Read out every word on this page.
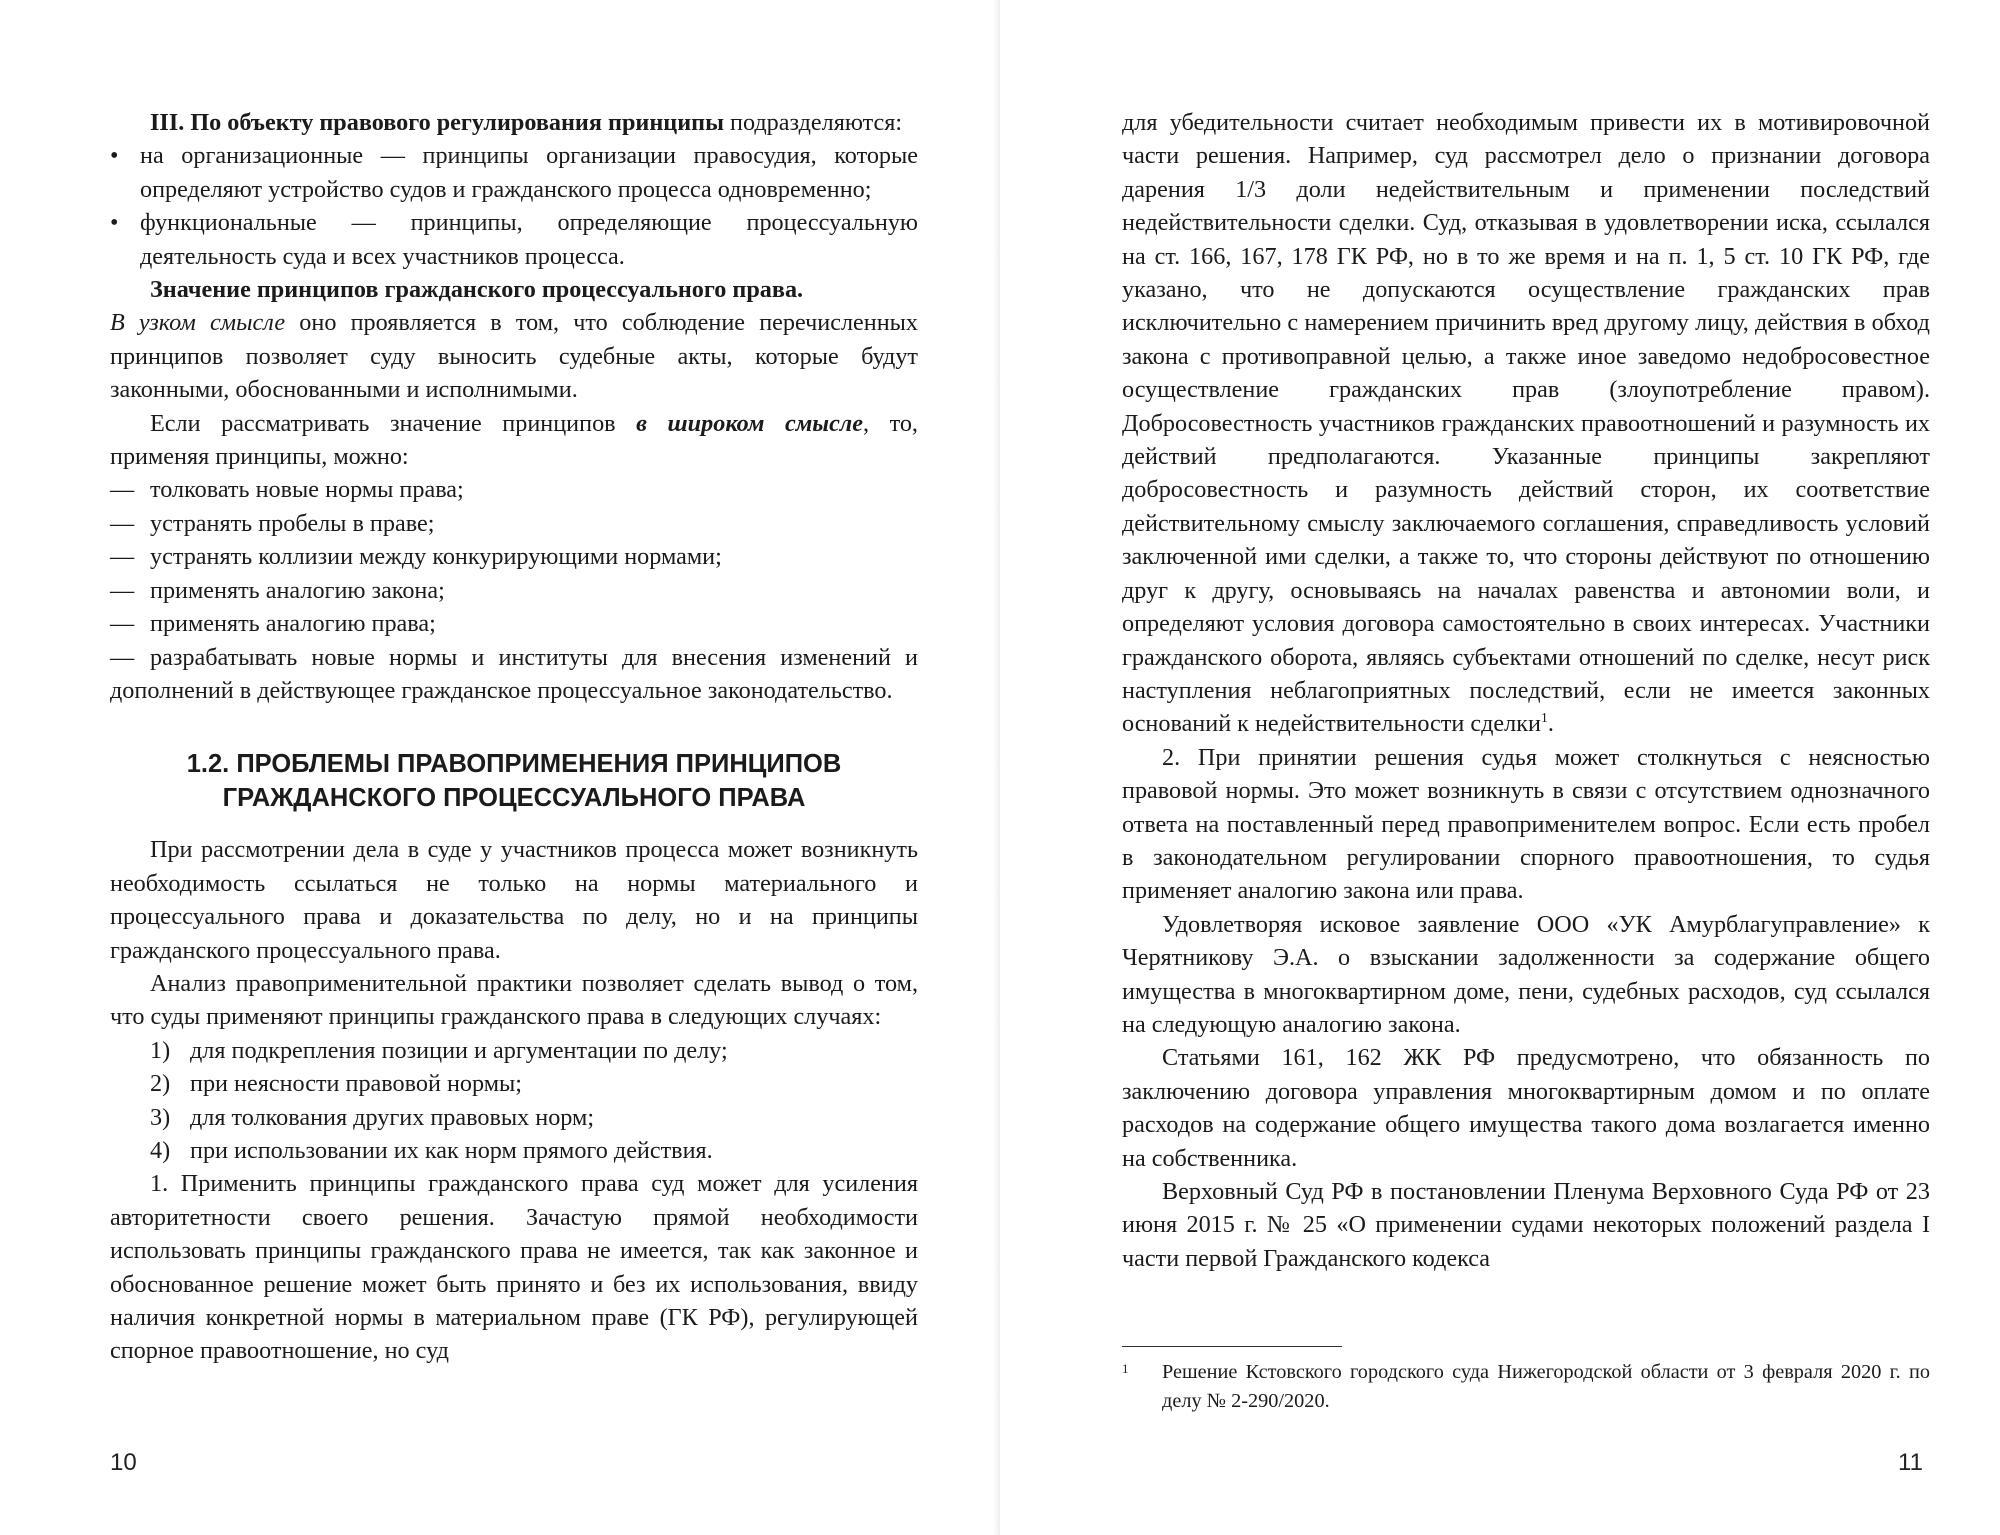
III. По объекту правового регулирования принципы подразделяются:

• на организационные — принципы организации правосудия, которые определяют устройство судов и гражданского процесса одновременно;

• функциональные — принципы, определяющие процессуальную деятельность суда и всех участников процесса.

Значение принципов гражданского процессуального права.

В узком смысле оно проявляется в том, что соблюдение перечисленных принципов позволяет суду выносить судебные акты, которые будут законными, обоснованными и исполнимыми.

Если рассматривать значение принципов в широком смысле, то, применяя принципы, можно:

— толковать новые нормы права;

— устранять пробелы в праве;

— устранять коллизии между конкурирующими нормами;

— применять аналогию закона;

— применять аналогию права;

— разрабатывать новые нормы и институты для внесения изменений и дополнений в действующее гражданское процессуальное законодательство.

1.2. ПРОБЛЕМЫ ПРАВОПРИМЕНЕНИЯ ПРИНЦИПОВ
ГРАЖДАНСКОГО ПРОЦЕССУАЛЬНОГО ПРАВА

При рассмотрении дела в суде у участников процесса может возникнуть необходимость ссылаться не только на нормы материального и процессуального права и доказательства по делу, но и на принципы гражданского процессуального права.

Анализ правоприменительной практики позволяет сделать вывод о том, что суды применяют принципы гражданского права в следующих случаях:

1) для подкрепления позиции и аргументации по делу;

2) при неясности правовой нормы;

3) для толкования других правовых норм;

4) при использовании их как норм прямого действия.

1. Применить принципы гражданского права суд может для усиления авторитетности своего решения. Зачастую прямой необходимости использовать принципы гражданского права не имеется, так как законное и обоснованное решение может быть принято и без их использования, ввиду наличия конкретной нормы в материальном праве (ГК РФ), регулирующей спорное правоотношение, но суд

10

для убедительности считает необходимым привести их в мотивировочной части решения. Например, суд рассмотрел дело о признании договора дарения 1/3 доли недействительным и применении последствий недействительности сделки. Суд, отказывая в удовлетворении иска, ссылался на ст. 166, 167, 178 ГК РФ, но в то же время и на п. 1, 5 ст. 10 ГК РФ, где указано, что не допускаются осуществление гражданских прав исключительно с намерением причинить вред другому лицу, действия в обход закона с противоправной целью, а также иное заведомо недобросовестное осуществление гражданских прав (злоупотребление правом). Добросовестность участников гражданских правоотношений и разумность их действий предполагаются. Указанные принципы закрепляют добросовестность и разумность действий сторон, их соответствие действительному смыслу заключаемого соглашения, справедливость условий заключенной ими сделки, а также то, что стороны действуют по отношению друг к другу, основываясь на началах равенства и автономии воли, и определяют условия договора самостоятельно в своих интересах. Участники гражданского оборота, являясь субъектами отношений по сделке, несут риск наступления неблагоприятных последствий, если не имеется законных оснований к недействительности сделки$^1$.

2. При принятии решения судья может столкнуться с неясностью правовой нормы. Это может возникнуть в связи с отсутствием однозначного ответа на поставленный перед правоприменителем вопрос. Если есть пробел в законодательном регулировании спорного правоотношения, то судья применяет аналогию закона или права.

Удовлетворяя исковое заявление ООО «УК Амурблагуправление» к Черятникову Э.А. о взыскании задолженности за содержание общего имущества в многоквартирном доме, пени, судебных расходов, суд ссылался на следующую аналогию закона.

Статьями 161, 162 ЖК РФ предусмотрено, что обязанность по заключению договора управления многоквартирным домом и по оплате расходов на содержание общего имущества такого дома возлагается именно на собственника.

Верховный Суд РФ в постановлении Пленума Верховного Суда РФ от 23 июня 2015 г. № 25 «О применении судами некоторых положений раздела I части первой Гражданского кодекса

1	Решение Кстовского городского суда Нижегородской области от 3 февраля 2020 г. по делу № 2-290/2020.
11
